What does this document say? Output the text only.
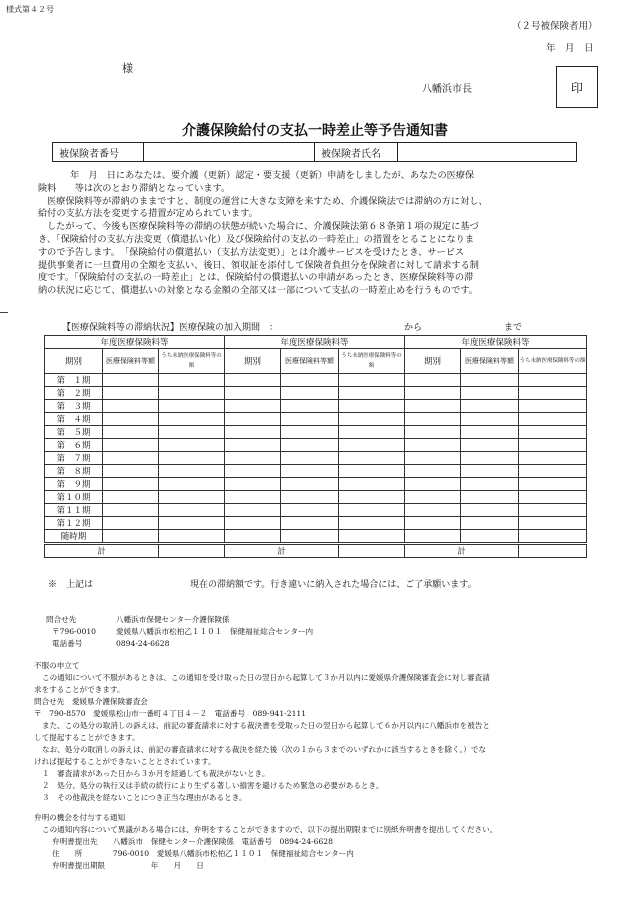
様式第４２号
（２号被保険者用）
年　月　日
様
八幡浜市長	印
介護保険給付の支払一時差止等予告通知書
被保険者番号		被保険者氏名	

年　月　日にあなたは、要介護（更新）認定・要支援（更新）申請をしましたが、あなたの医療保

険料　　等は次のとおり滞納となっています。

医療保険料等が滞納のままですと、制度の運営に大きな支障を来すため、介護保険法では滞納の方に対し、

給付の支払方法を変更する措置が定められています。

したがって、今後も医療保険料等の滞納の状態が続いた場合に、介護保険法第６８条第１項の規定に基づ

き、「保険給付の支払方法変更（償還払い化）及び保険給付の支払の一時差止」の措置をとることになりま

すので予告します。　「保険給付の償還払い（支払方法変更）」とは介護サービスを受けたとき、サービス

提供事業者に一旦費用の全額を支払い、後日、領収証を添付して保険者負担分を保険者に対して請求する制

度です。「保険給付の支払の一時差止」とは、保険給付の償還払いの申請があったとき、医療保険料等の滞

納の状況に応じて、償還払いの対象となる金額の全部又は一部について支払の一時差止めを行うものです。

【医療保険料等の滞納状況】医療保険の加入期間　：	から	まで
年度医療保険料等			年度医療保険料等			年度医療保険料等		
期別	医療保険料等額	うち未納医療保険料等の額	期別	医療保険料等額	うち未納医療保険料等の額	期別	医療保険料等額	うち未納医療保険料等の額
第　１期								
第　２期								
第　３期								
第　４期								
第　５期								
第　６期								
第　７期								
第　８期								
第　９期								
第１０期								
第１１期								
第１２期								
随時期								
計			計			計		
※　上記は	現在の滞納額です。行き違いに納入された場合には、ご了承願います。
問合せ先	八幡浜市保健センター介護保険係
〒796-0010	愛媛県八幡浜市松柏乙１１０１　保健福祉総合センター内
電話番号	0894-24-6628

不服の申立て

この通知について不服があるときは、この通知を受け取った日の翌日から起算して３か月以内に愛媛県介護保険審査会に対し審査請

求をすることができます。

問合せ先　愛媛県介護保険審査会

〒　790-8570　愛媛県松山市一番町４丁目４－２　電話番号　089-941-2111

また、この処分の取消しの訴えは、前記の審査請求に対する裁決書を受取った日の翌日から起算して６か月以内に八幡浜市を被告と

して提起することができます。

なお、処分の取消しの訴えは、前記の審査請求に対する裁決を経た後（次の１から３までのいずれかに該当するときを除く。）でな

ければ提起することができないこととされています。

１　審査請求があった日から３か月を経過しても裁決がないとき。

２　処分、処分の執行又は手続の続行により生ずる著しい損害を避けるため緊急の必要があるとき。

３　その他裁決を経ないことにつき正当な理由があるとき。

弁明の機会を付与する通知

この通知内容について異議がある場合には、弁明をすることができますので、以下の提出期限までに別紙弁明書を提出してください。

弁明書提出先　　八幡浜市　保健センター介護保険係　電話番号　0894-24-6628

住　　所　　　　796-0010　愛媛県八幡浜市松柏乙１１０１　保健福祉総合センター内

弁明書提出期限　　　　　　年　　月　　日
